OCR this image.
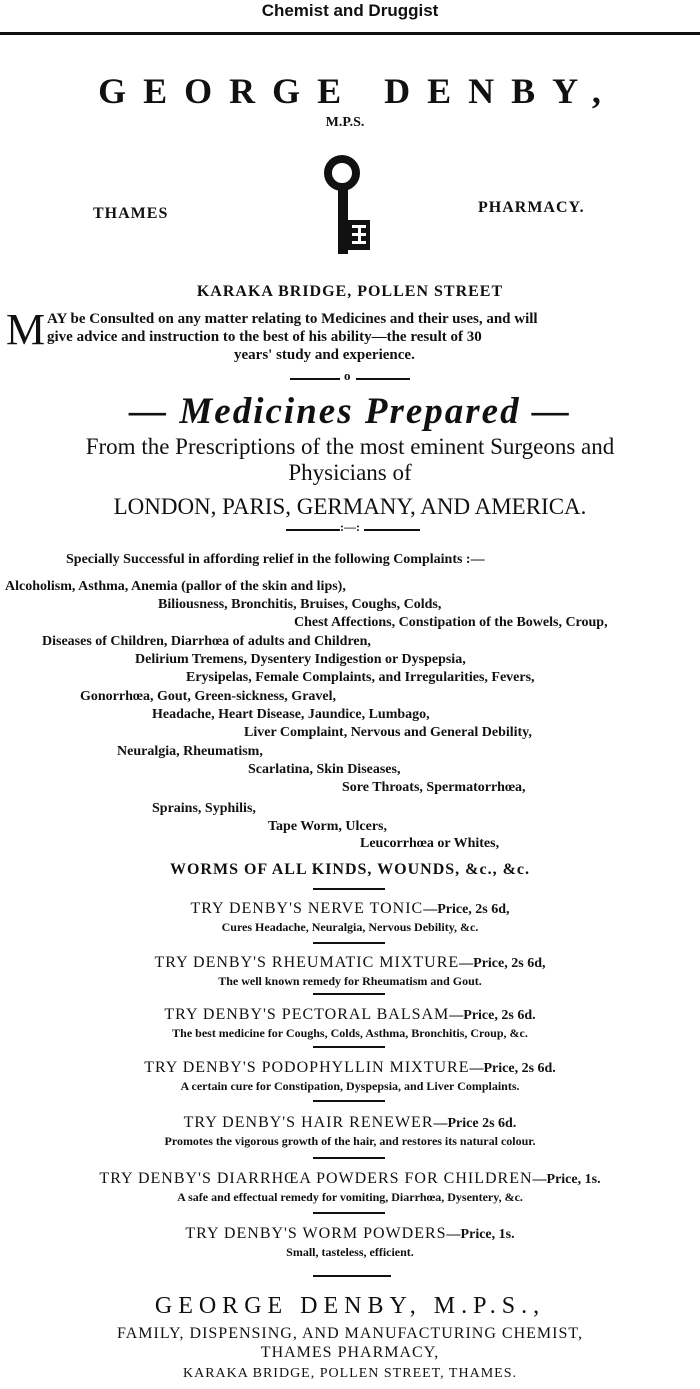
Chemist and Druggist
GEORGE DENBY,
M.P.S.
THAMES	PHARMACY.
KARAKA BRIDGE, POLLEN STREET
M AY be Consulted on any matter relating to Medicines and their uses, and will
give advice and instruction to the best of his ability—the result of 30
years' study and experience.
o
— Medicines Prepared —
From the Prescriptions of the most eminent Surgeons and
Physicians of
LONDON, PARIS, GERMANY, AND AMERICA.
:—:
Specially Successful in affording relief in the following Complaints :—
Alcoholism, Asthma, Anemia (pallor of the skin and lips),
Biliousness, Bronchitis, Bruises, Coughs, Colds,
Chest Affections, Constipation of the Bowels, Croup,
Diseases of Children, Diarrhœa of adults and Children,
Delirium Tremens, Dysentery Indigestion or Dyspepsia,
Erysipelas, Female Complaints, and Irregularities, Fevers,
Gonorrhœa, Gout, Green-sickness, Gravel,
Headache, Heart Disease, Jaundice, Lumbago,
Liver Complaint, Nervous and General Debility,
Neuralgia, Rheumatism,
Scarlatina, Skin Diseases,
Sore Throats, Spermatorrhœa,
Sprains, Syphilis,
Tape Worm, Ulcers,
Leucorrhœa or Whites,
WORMS OF ALL KINDS, WOUNDS, &c., &c.
TRY DENBY'S NERVE TONIC—Price, 2s 6d,
Cures Headache, Neuralgia, Nervous Debility, &c.
TRY DENBY'S RHEUMATIC MIXTURE—Price, 2s 6d,
The well known remedy for Rheumatism and Gout.
TRY DENBY'S PECTORAL BALSAM—Price, 2s 6d.
The best medicine for Coughs, Colds, Asthma, Bronchitis, Croup, &c.
TRY DENBY'S PODOPHYLLIN MIXTURE—Price, 2s 6d.
A certain cure for Constipation, Dyspepsia, and Liver Complaints.
TRY DENBY'S HAIR RENEWER—Price 2s 6d.
Promotes the vigorous growth of the hair, and restores its natural colour.
TRY DENBY'S DIARRHŒA POWDERS FOR CHILDREN—Price, 1s.
A safe and effectual remedy for vomiting, Diarrhœa, Dysentery, &c.
TRY DENBY'S WORM POWDERS—Price, 1s.
Small, tasteless, efficient.
GEORGE DENBY, M.P.S.,
FAMILY, DISPENSING, AND MANUFACTURING CHEMIST,
THAMES PHARMACY,
KARAKA BRIDGE, POLLEN STREET, THAMES.
